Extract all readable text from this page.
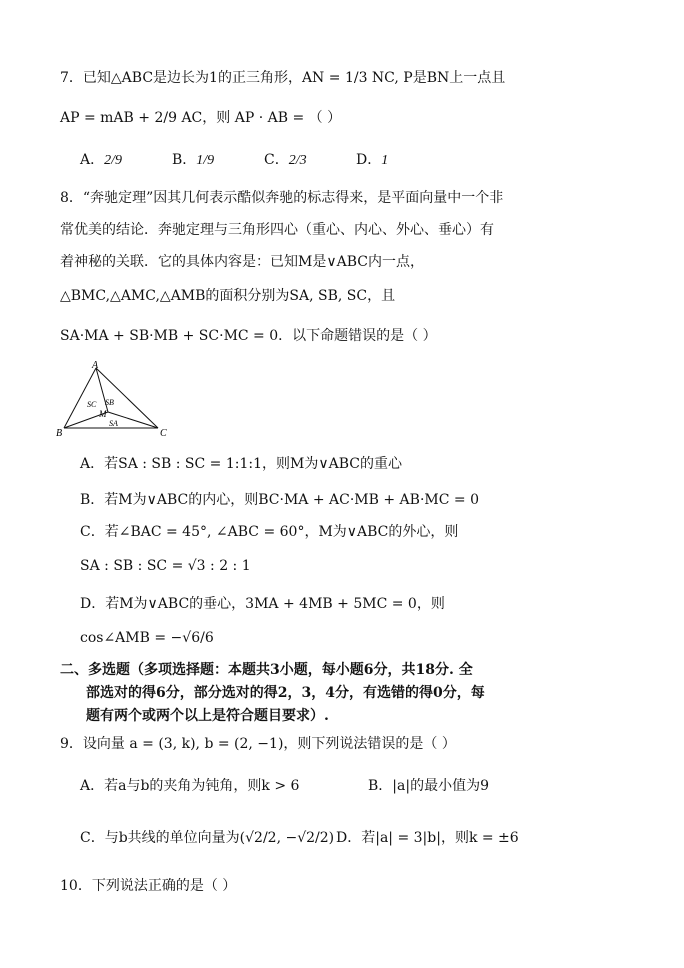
7．已知△ABC是边长为1的正三角形，AN = 1/3 NC, P是BN上一点且
AP = mAB + 2/9 AC，则 AP · AB = （ ）
A．2/9	B．1/9	C．2/3	D．1
8．“奔驰定理”因其几何表示酷似奔驰的标志得来，是平面向量中一个非
常优美的结论．奔驰定理与三角形四心（重心、内心、外心、垂心）有
着神秘的关联．它的具体内容是：已知M是∨ABC内一点，
△BMC,△AMC,△AMB的面积分别为SA, SB, SC，且
SA·MA + SB·MB + SC·MC = 0．以下命题错误的是（ ）
A
B	C
M
SC SB
SA
A．若SA : SB : SC = 1:1:1，则M为∨ABC的重心
B．若M为∨ABC的内心，则BC·MA + AC·MB + AB·MC = 0
C．若∠BAC = 45°, ∠ABC = 60°，M为∨ABC的外心，则
SA : SB : SC = √3 : 2 : 1
D．若M为∨ABC的垂心，3MA + 4MB + 5MC = 0，则
cos∠AMB = −√6/6
二、多选题（多项选择题：本题共3小题，每小题6分，共18分. 全
部选对的得6分，部分选对的得2，3，4分，有选错的得0分，每
题有两个或两个以上是符合题目要求）.
9．设向量 a = (3, k), b = (2, −1)，则下列说法错误的是（ ）
A．若a与b的夹角为钝角，则k > 6	B．|a|的最小值为9
C．与b共线的单位向量为(√2/2, −√2/2) D．若|a| = 3|b|，则k = ±6
10．下列说法正确的是（ ）
